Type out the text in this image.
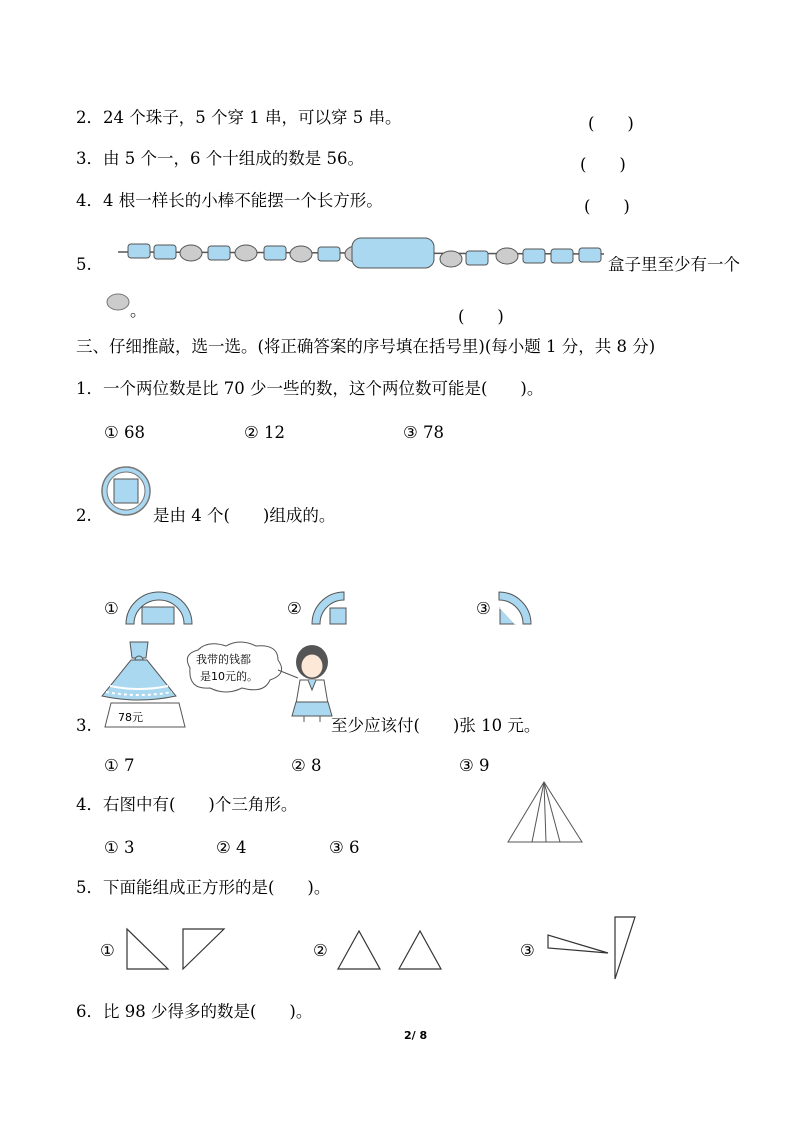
2．24 个珠子，5 个穿 1 串，可以穿 5 串。	(　　)
3．由 5 个一，6 个十组成的数是 56。	(　　)
4．4 根一样长的小棒不能摆一个长方形。	(　　)
5.	盒子里至少有一个
。	(　　)
三、仔细推敲，选一选。(将正确答案的序号填在括号里)(每小题 1 分，共 8 分)
1．一个两位数是比 70 少一些的数，这个两位数可能是(　　)。
① 68	② 12	③ 78
2.	是由 4 个(　　)组成的。
①	②	③
3. 78元
我带的钱都
是10元的。
至少应该付(　　)张 10 元。
① 7	② 8	③ 9
4．右图中有(　　)个三角形。
① 3	② 4	③ 6
5．下面能组成正方形的是(　　)。
①	②	③
6．比 98 少得多的数是(　　)。
2/ 8
